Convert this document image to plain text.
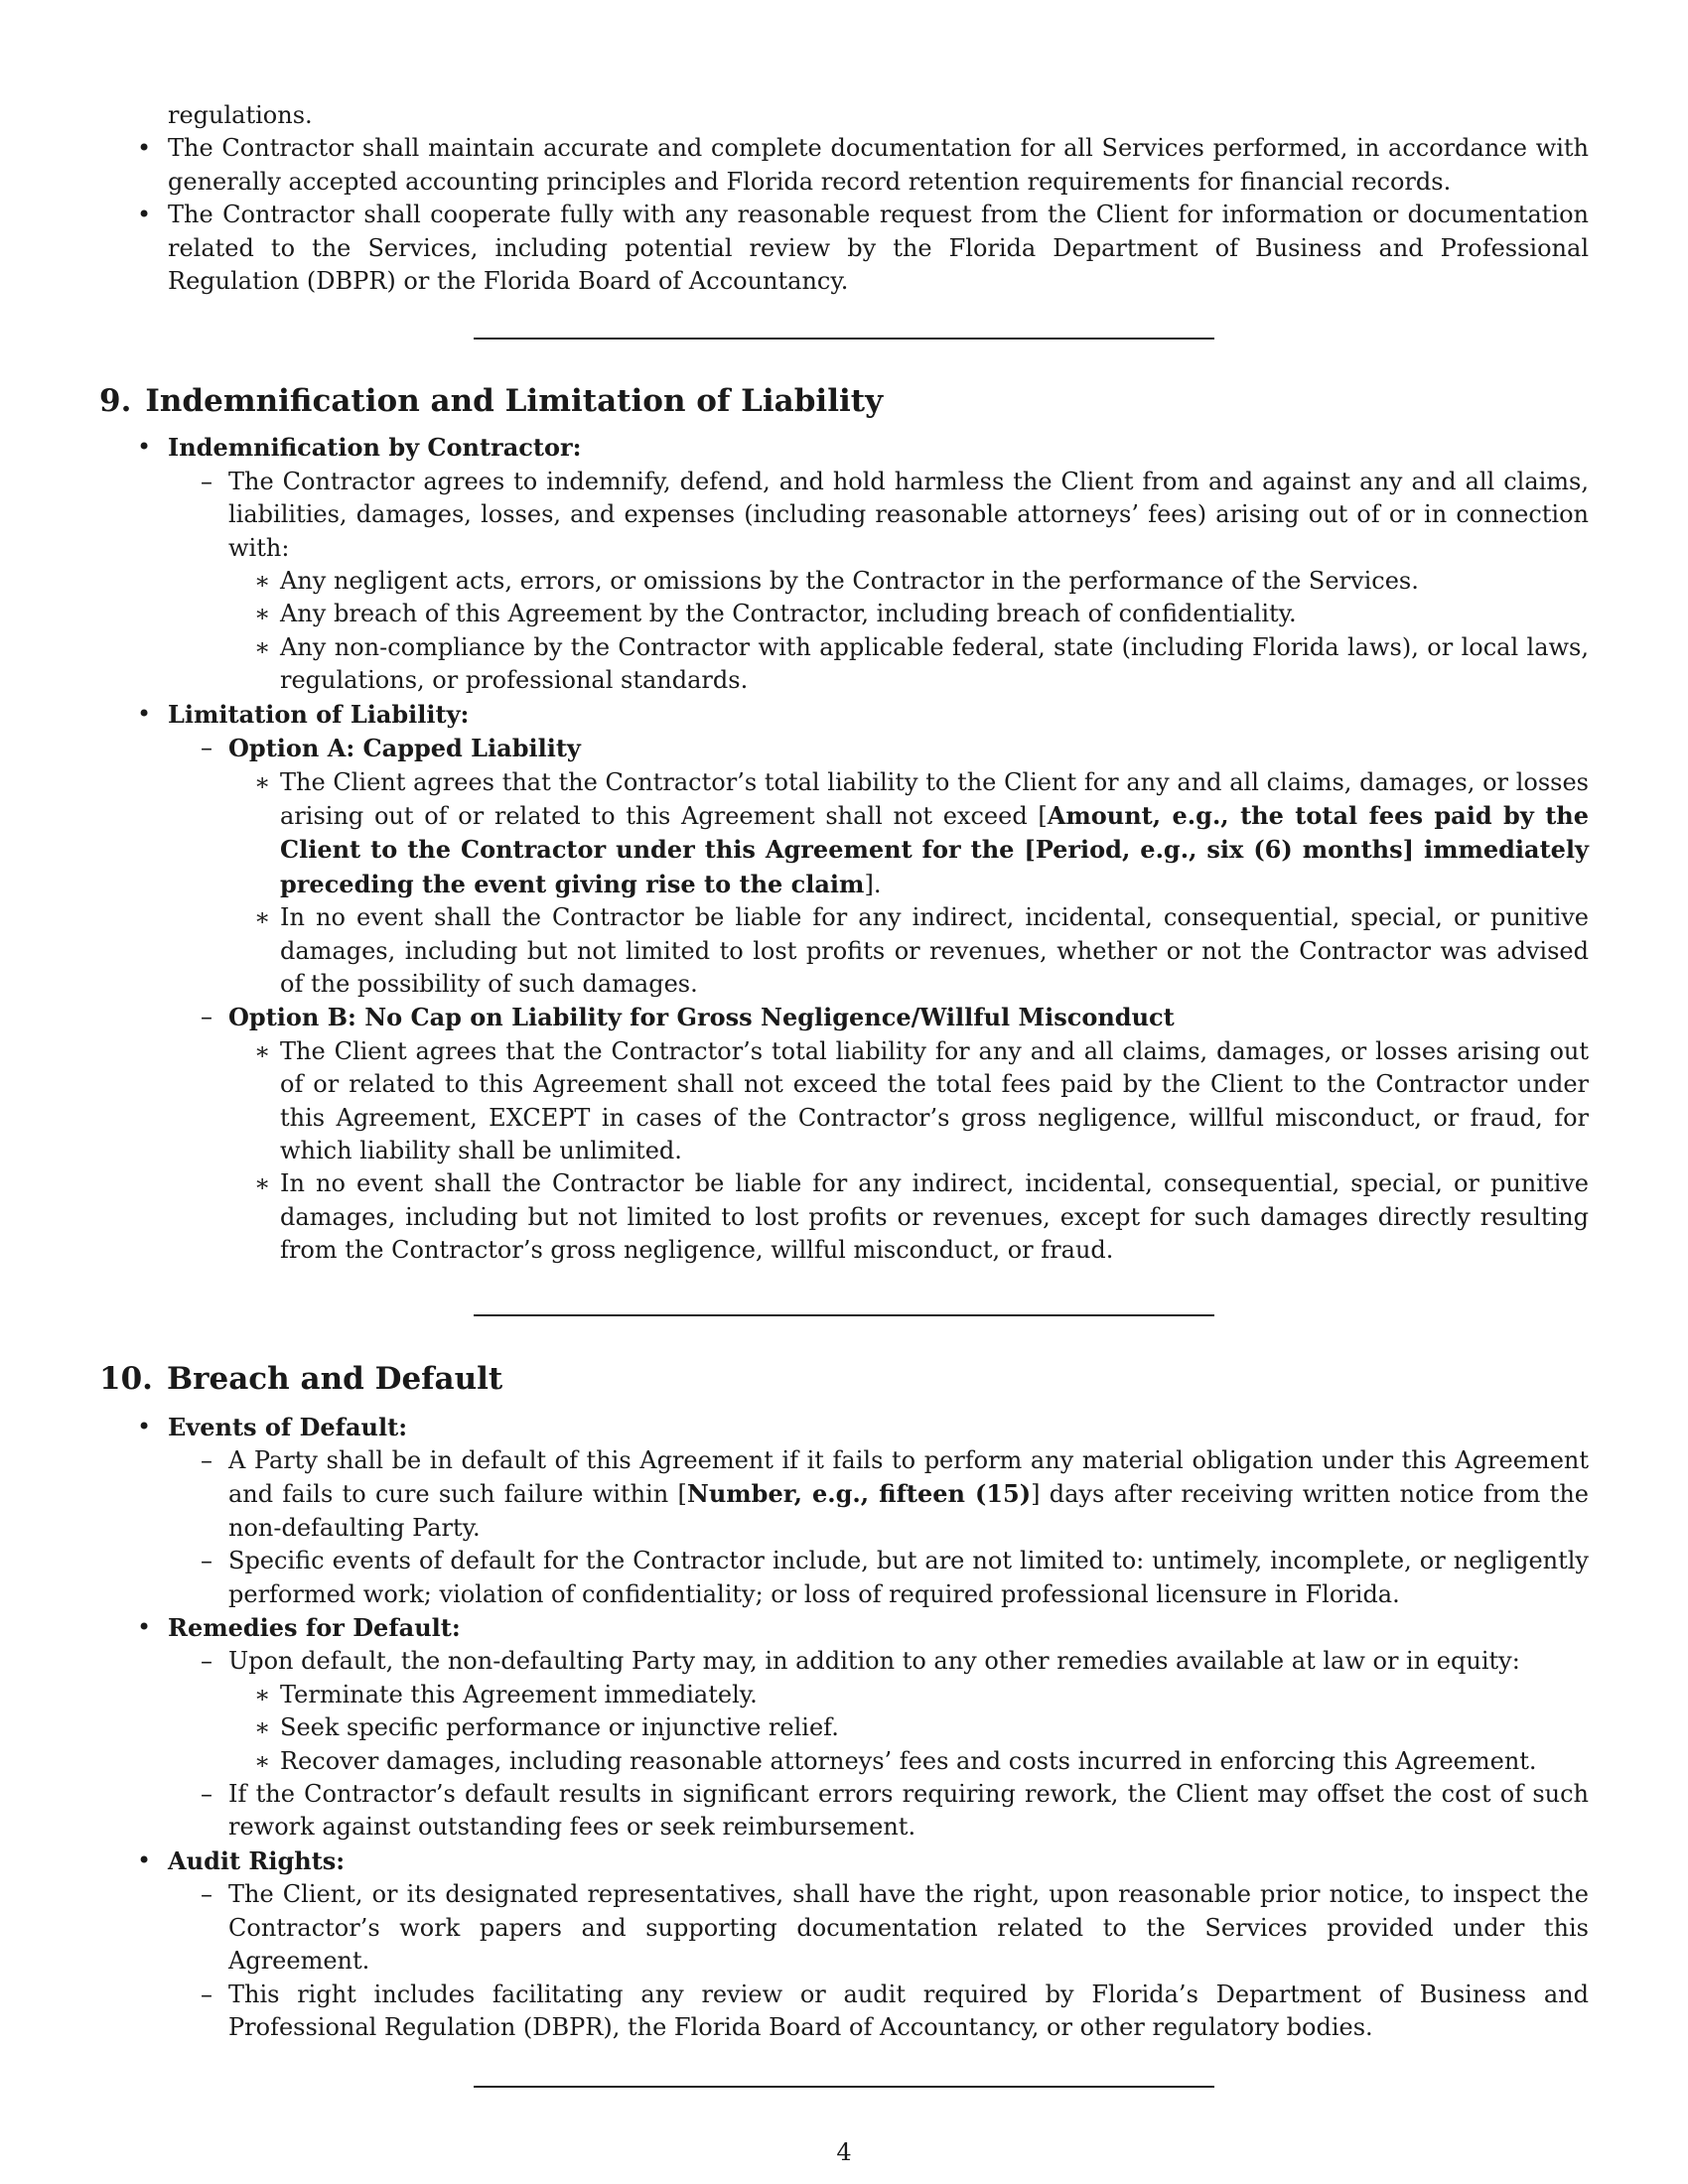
regulations.

• The Contractor shall maintain accurate and complete documentation for all Services performed, in accordance with generally accepted accounting principles and Florida record retention requirements for financial records.
• The Contractor shall cooperate fully with any reasonable request from the Client for information or documentation related to the Services, including potential review by the Florida Department of Business and Professional Regulation (DBPR) or the Florida Board of Accountancy.
9. Indemnification and Limitation of Liability
• Indemnification by Contractor:
– The Contractor agrees to indemnify, defend, and hold harmless the Client from and against any and all claims, liabilities, damages, losses, and expenses (including reasonable attorneys’ fees) arising out of or in connection with:
∗ Any negligent acts, errors, or omissions by the Contractor in the performance of the Services.
∗ Any breach of this Agreement by the Contractor, including breach of confidentiality.
∗ Any non-compliance by the Contractor with applicable federal, state (including Florida laws), or local laws, regulations, or professional standards.
• Limitation of Liability:
– Option A: Capped Liability
∗ The Client agrees that the Contractor’s total liability to the Client for any and all claims, damages, or losses arising out of or related to this Agreement shall not exceed [Amount, e.g., the total fees paid by the Client to the Contractor under this Agreement for the [Period, e.g., six (6) months] immediately preceding the event giving rise to the claim].
∗ In no event shall the Contractor be liable for any indirect, incidental, consequential, special, or punitive damages, including but not limited to lost profits or revenues, whether or not the Contractor was advised of the possibility of such damages.
– Option B: No Cap on Liability for Gross Negligence/Willful Misconduct
∗ The Client agrees that the Contractor’s total liability for any and all claims, damages, or losses arising out of or related to this Agreement shall not exceed the total fees paid by the Client to the Contractor under this Agreement, EXCEPT in cases of the Contractor’s gross negligence, willful misconduct, or fraud, for which liability shall be unlimited.
∗ In no event shall the Contractor be liable for any indirect, incidental, consequential, special, or punitive damages, including but not limited to lost profits or revenues, except for such damages directly resulting from the Contractor’s gross negligence, willful misconduct, or fraud.
10. Breach and Default
• Events of Default:
– A Party shall be in default of this Agreement if it fails to perform any material obligation under this Agreement and fails to cure such failure within [Number, e.g., fifteen (15)] days after receiving written notice from the non-defaulting Party.
– Specific events of default for the Contractor include, but are not limited to: untimely, incomplete, or negligently performed work; violation of confidentiality; or loss of required professional licensure in Florida.
• Remedies for Default:
– Upon default, the non-defaulting Party may, in addition to any other remedies available at law or in equity:
∗ Terminate this Agreement immediately.
∗ Seek specific performance or injunctive relief.
∗ Recover damages, including reasonable attorneys’ fees and costs incurred in enforcing this Agreement.
– If the Contractor’s default results in significant errors requiring rework, the Client may offset the cost of such rework against outstanding fees or seek reimbursement.
• Audit Rights:
– The Client, or its designated representatives, shall have the right, upon reasonable prior notice, to inspect the Contractor’s work papers and supporting documentation related to the Services provided under this Agreement.
– This right includes facilitating any review or audit required by Florida’s Department of Business and Professional Regulation (DBPR), the Florida Board of Accountancy, or other regulatory bodies.
4
